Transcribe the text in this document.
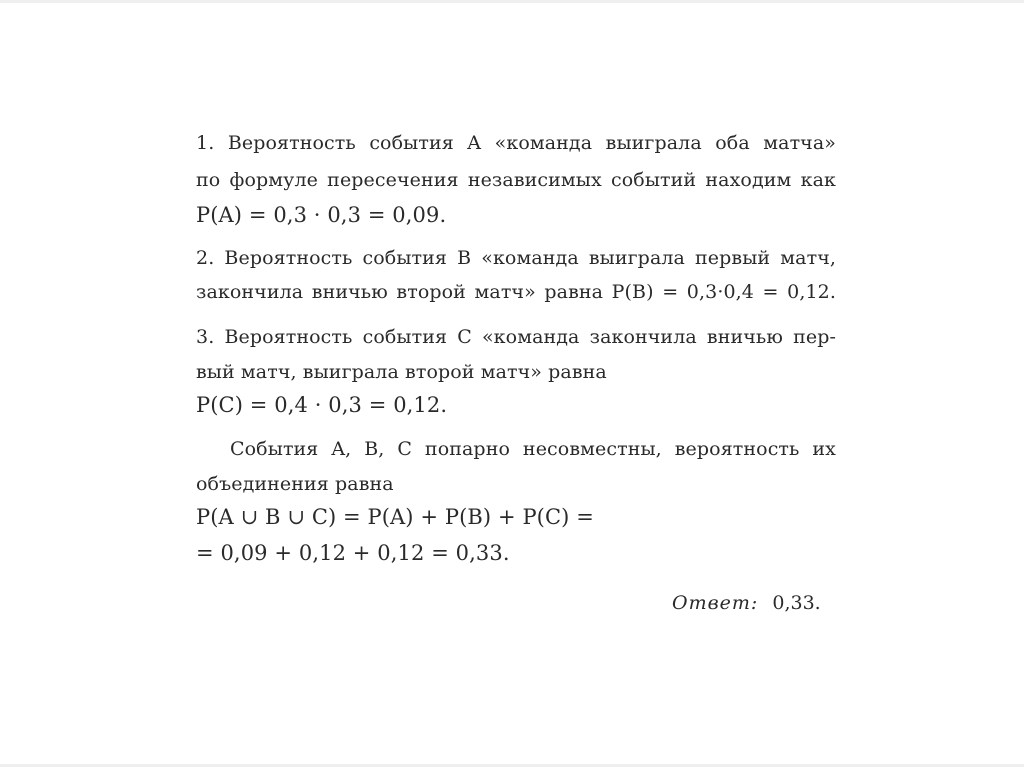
1. Вероятность события A «команда выиграла оба матча»
по формуле пересечения независимых событий находим как
P(A) = 0,3 · 0,3 = 0,09.
2. Вероятность события B «команда выиграла первый матч,
закончила вничью второй матч» равна P(B) = 0,3·0,4 = 0,12.
3. Вероятность события C «команда закончила вничью пер-
вый матч, выиграла второй матч» равна
P(C) = 0,4 · 0,3 = 0,12.
События A, B, C попарно несовместны, вероятность их
объединения равна
P(A ∪ B ∪ C) = P(A) + P(B) + P(C) =
= 0,09 + 0,12 + 0,12 = 0,33.
Ответ: 0,33.
